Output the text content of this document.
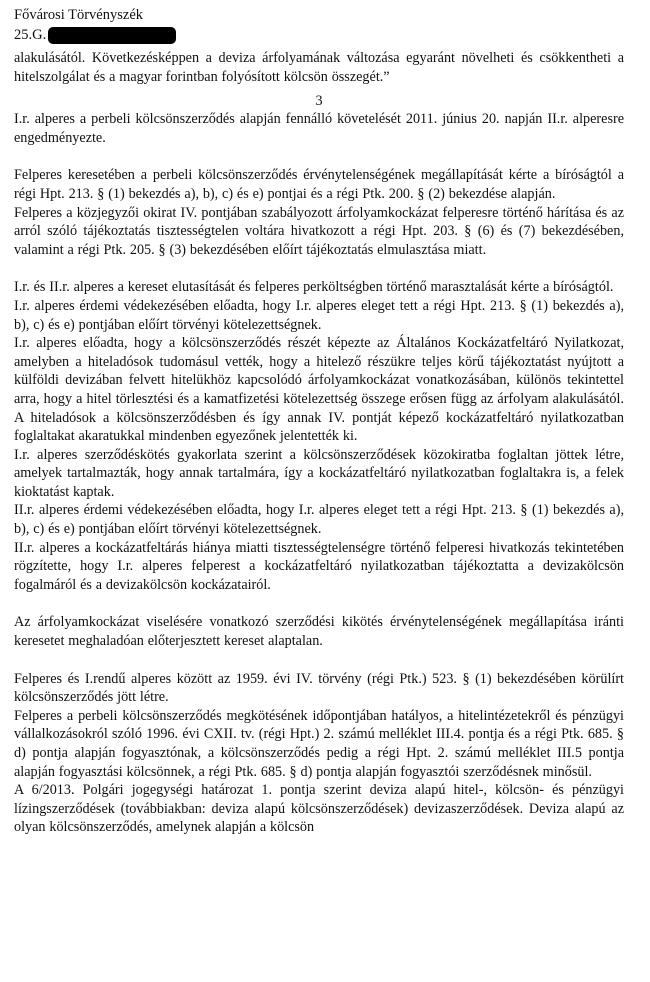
Fővárosi Törvényszék
25.G.

alakulásától. Következésképpen a deviza árfolyamának változása egyaránt növelheti és csökkentheti a hitelszolgálat és a magyar forintban folyósított kölcsön összegét.”

3

I.r. alperes a perbeli kölcsönszerződés alapján fennálló követelését 2011. június 20. napján II.r. alperesre engedményezte.

Felperes keresetében a perbeli kölcsönszerződés érvénytelenségének megállapítását kérte a bíróságtól a régi Hpt. 213. § (1) bekezdés a), b), c) és e) pontjai és a régi Ptk. 200. § (2) bekezdése alapján.

Felperes a közjegyzői okirat IV. pontjában szabályozott árfolyamkockázat felperesre történő hárítása és az arról szóló tájékoztatás tisztességtelen voltára hivatkozott a régi Hpt. 203. § (6) és (7) bekezdésében, valamint a régi Ptk. 205. § (3) bekezdésében előírt tájékoztatás elmulasztása miatt.

I.r. és II.r. alperes a kereset elutasítását és felperes perköltségben történő marasztalását kérte a bíróságtól.

I.r. alperes érdemi védekezésében előadta, hogy I.r. alperes eleget tett a régi Hpt. 213. § (1) bekezdés a), b), c) és e) pontjában előírt törvényi kötelezettségnek.

I.r. alperes előadta, hogy a kölcsönszerződés részét képezte az Általános Kockázatfeltáró Nyilatkozat, amelyben a hiteladósok tudomásul vették, hogy a hitelező részükre teljes körű tájékoztatást nyújtott a külföldi devizában felvett hitelükhöz kapcsolódó árfolyamkockázat vonatkozásában, különös tekintettel arra, hogy a hitel törlesztési és a kamatfizetési kötelezettség összege erősen függ az árfolyam alakulásától. A hiteladósok a kölcsönszerződésben és így annak IV. pontját képező kockázatfeltáró nyilatkozatban foglaltakat akaratukkal mindenben egyezőnek jelentették ki.

I.r. alperes szerződéskötés gyakorlata szerint a kölcsönszerződések közokiratba foglaltan jöttek létre, amelyek tartalmazták, hogy annak tartalmára, így a kockázatfeltáró nyilatkozatban foglaltakra is, a felek kioktatást kaptak.

II.r. alperes érdemi védekezésében előadta, hogy I.r. alperes eleget tett a régi Hpt. 213. § (1) bekezdés a), b), c) és e) pontjában előírt törvényi kötelezettségnek.

II.r. alperes a kockázatfeltárás hiánya miatti tisztességtelenségre történő felperesi hivatkozás tekintetében rögzítette, hogy I.r. alperes felperest a kockázatfeltáró nyilatkozatban tájékoztatta a devizakölcsön fogalmáról és a devizakölcsön kockázatairól.

Az árfolyamkockázat viselésére vonatkozó szerződési kikötés érvénytelenségének megállapítása iránti keresetet meghaladóan előterjesztett kereset alaptalan.

Felperes és I.rendű alperes között az 1959. évi IV. törvény (régi Ptk.) 523. § (1) bekezdésében körülírt kölcsönszerződés jött létre.

Felperes a perbeli kölcsönszerződés megkötésének időpontjában hatályos, a hitelintézetekről és pénzügyi vállalkozásokról szóló 1996. évi CXII. tv. (régi Hpt.) 2. számú melléklet III.4. pontja és a régi Ptk. 685. § d) pontja alapján fogyasztónak, a kölcsönszerződés pedig a régi Hpt. 2. számú melléklet III.5 pontja alapján fogyasztási kölcsönnek, a régi Ptk. 685. § d) pontja alapján fogyasztói szerződésnek minősül.

A 6/2013. Polgári jogegységi határozat 1. pontja szerint deviza alapú hitel-, kölcsön- és pénzügyi lízingszerződések (továbbiakban: deviza alapú kölcsönszerződések) devizaszerződések. Deviza alapú az olyan kölcsönszerződés, amelynek alapján a kölcsön
